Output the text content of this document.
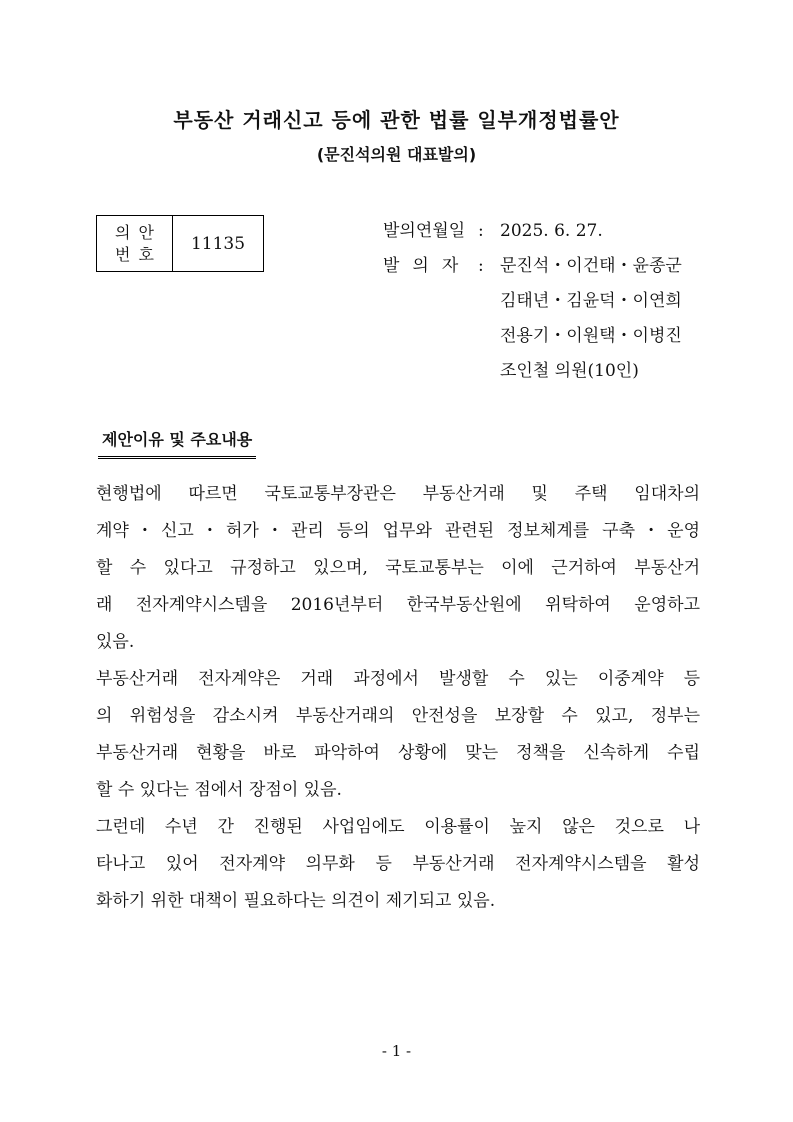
부동산 거래신고 등에 관한 법률 일부개정법률안
(문진석의원 대표발의)
의안
번호
11135
발의연월일 : 2025. 6. 27.
발의자 : 문진석・이건태・윤종군
김태년・김윤덕・이연희
전용기・이원택・이병진
조인철 의원(10인)
제안이유 및 주요내용
현행법에 따르면 국토교통부장관은 부동산거래 및 주택 임대차의
계약・신고・허가・관리 등의 업무와 관련된 정보체계를 구축・운영
할 수 있다고 규정하고 있으며, 국토교통부는 이에 근거하여 부동산거
래 전자계약시스템을 2016년부터 한국부동산원에 위탁하여 운영하고
있음.
부동산거래 전자계약은 거래 과정에서 발생할 수 있는 이중계약 등
의 위험성을 감소시켜 부동산거래의 안전성을 보장할 수 있고, 정부는
부동산거래 현황을 바로 파악하여 상황에 맞는 정책을 신속하게 수립
할 수 있다는 점에서 장점이 있음.
그런데 수년 간 진행된 사업임에도 이용률이 높지 않은 것으로 나
타나고 있어 전자계약 의무화 등 부동산거래 전자계약시스템을 활성
화하기 위한 대책이 필요하다는 의견이 제기되고 있음.
- 1 -
